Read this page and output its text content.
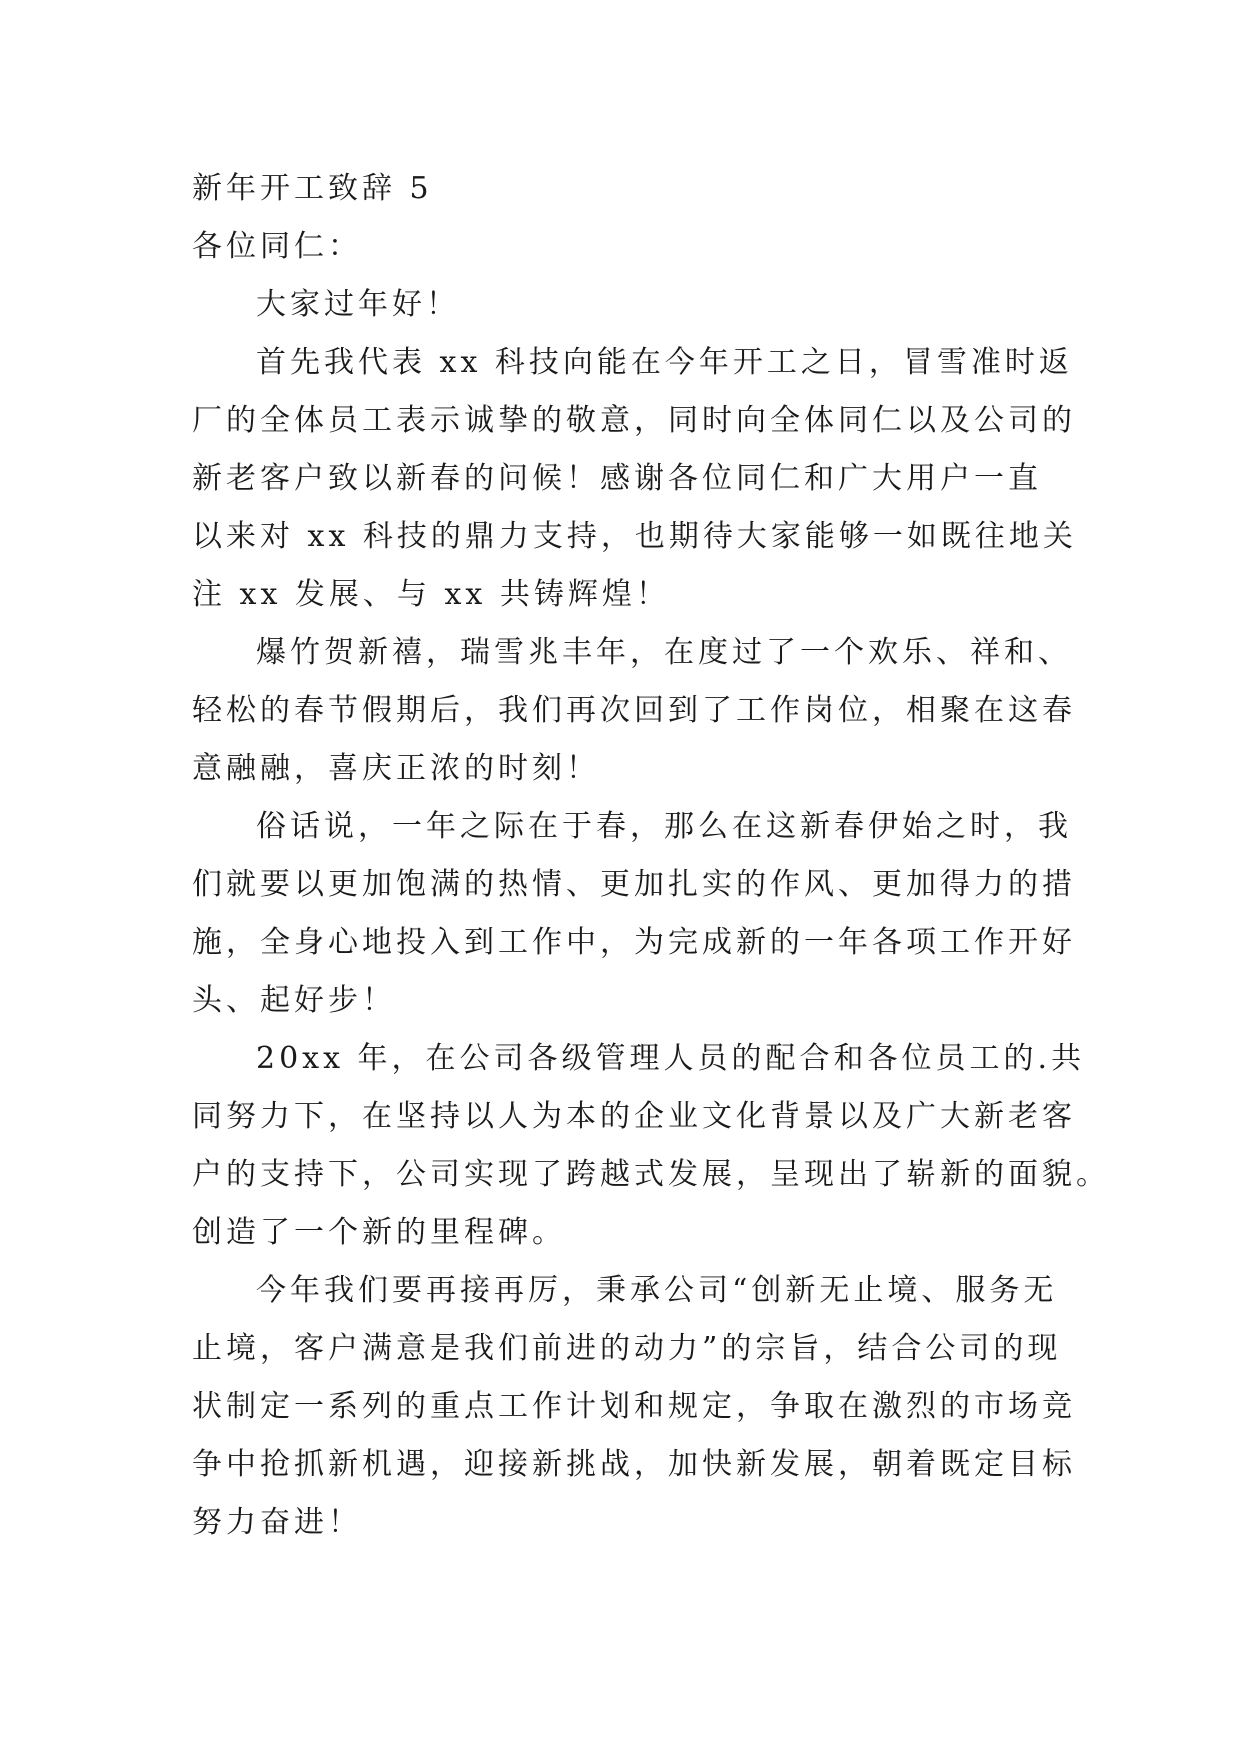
新年开工致辞 5
各位同仁：
大家过年好！
首先我代表 xx 科技向能在今年开工之日，冒雪准时返
厂的全体员工表示诚挚的敬意，同时向全体同仁以及公司的
新老客户致以新春的问候！感谢各位同仁和广大用户一直
以来对 xx 科技的鼎力支持，也期待大家能够一如既往地关
注 xx 发展、与 xx 共铸辉煌！
爆竹贺新禧，瑞雪兆丰年，在度过了一个欢乐、祥和、
轻松的春节假期后，我们再次回到了工作岗位，相聚在这春
意融融，喜庆正浓的时刻！
俗话说，一年之际在于春，那么在这新春伊始之时，我
们就要以更加饱满的热情、更加扎实的作风、更加得力的措
施，全身心地投入到工作中，为完成新的一年各项工作开好
头、起好步！
20xx 年，在公司各级管理人员的配合和各位员工的.共
同努力下，在坚持以人为本的企业文化背景以及广大新老客
户的支持下，公司实现了跨越式发展，呈现出了崭新的面貌。
创造了一个新的里程碑。
今年我们要再接再厉，秉承公司“创新无止境、服务无
止境，客户满意是我们前进的动力”的宗旨，结合公司的现
状制定一系列的重点工作计划和规定，争取在激烈的市场竞
争中抢抓新机遇，迎接新挑战，加快新发展，朝着既定目标
努力奋进！
